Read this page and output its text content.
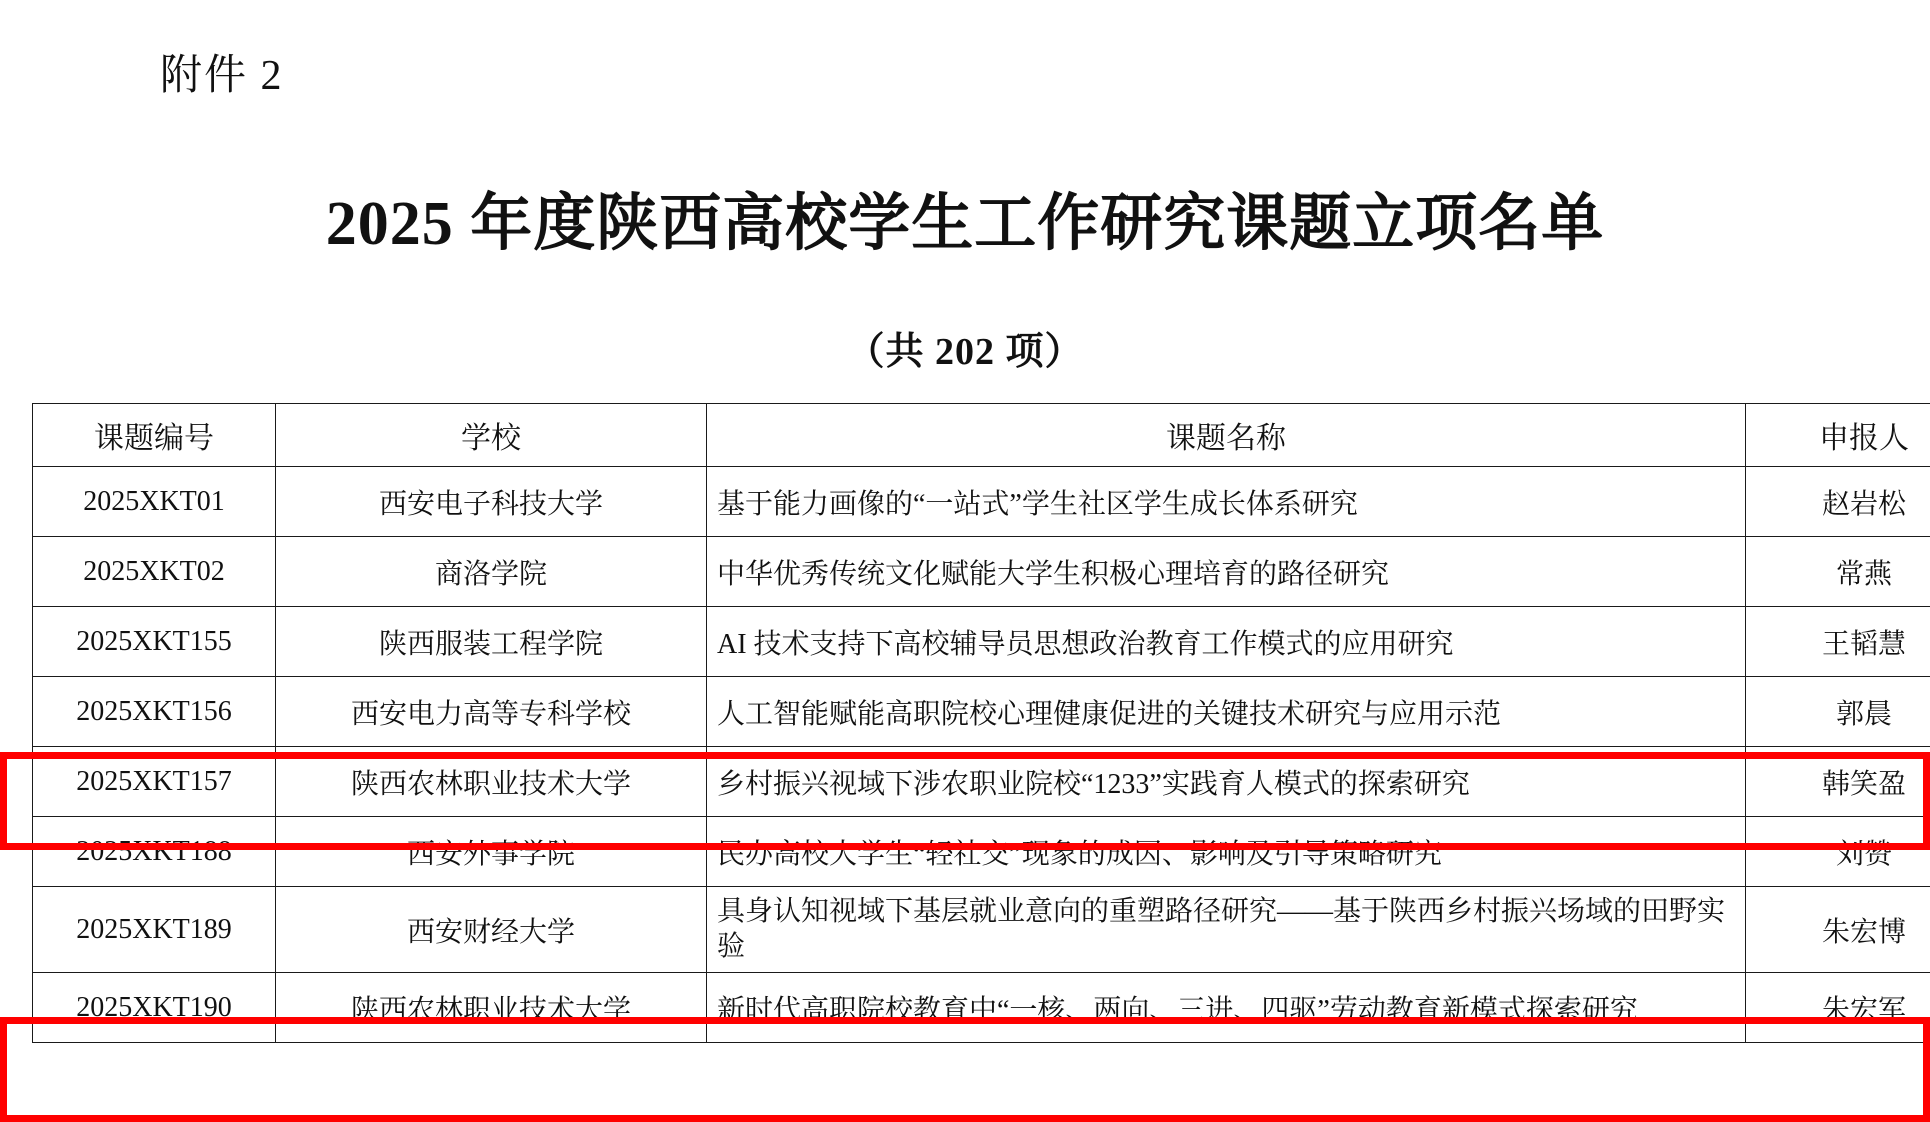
附件 2
2025 年度陕西高校学生工作研究课题立项名单
（共 202 项）
课题编号	学校	课题名称	申报人
2025XKT01	西安电子科技大学	基于能力画像的“一站式”学生社区学生成长体系研究	赵岩松
2025XKT02	商洛学院	中华优秀传统文化赋能大学生积极心理培育的路径研究	常燕
2025XKT155	陕西服装工程学院	AI 技术支持下高校辅导员思想政治教育工作模式的应用研究	王韬慧
2025XKT156	西安电力高等专科学校	人工智能赋能高职院校心理健康促进的关键技术研究与应用示范	郭晨
2025XKT157	陕西农林职业技术大学	乡村振兴视域下涉农职业院校“1233”实践育人模式的探索研究	韩笑盈
2025XKT188	西安外事学院	民办高校大学生“轻社交”现象的成因、影响及引导策略研究	刘赞
2025XKT189	西安财经大学	具身认知视域下基层就业意向的重塑路径研究——基于陕西乡村振兴场域的田野实验	朱宏博
2025XKT190	陕西农林职业技术大学	新时代高职院校教育中“一核、两向、三进、四驱”劳动教育新模式探索研究	朱宏军
